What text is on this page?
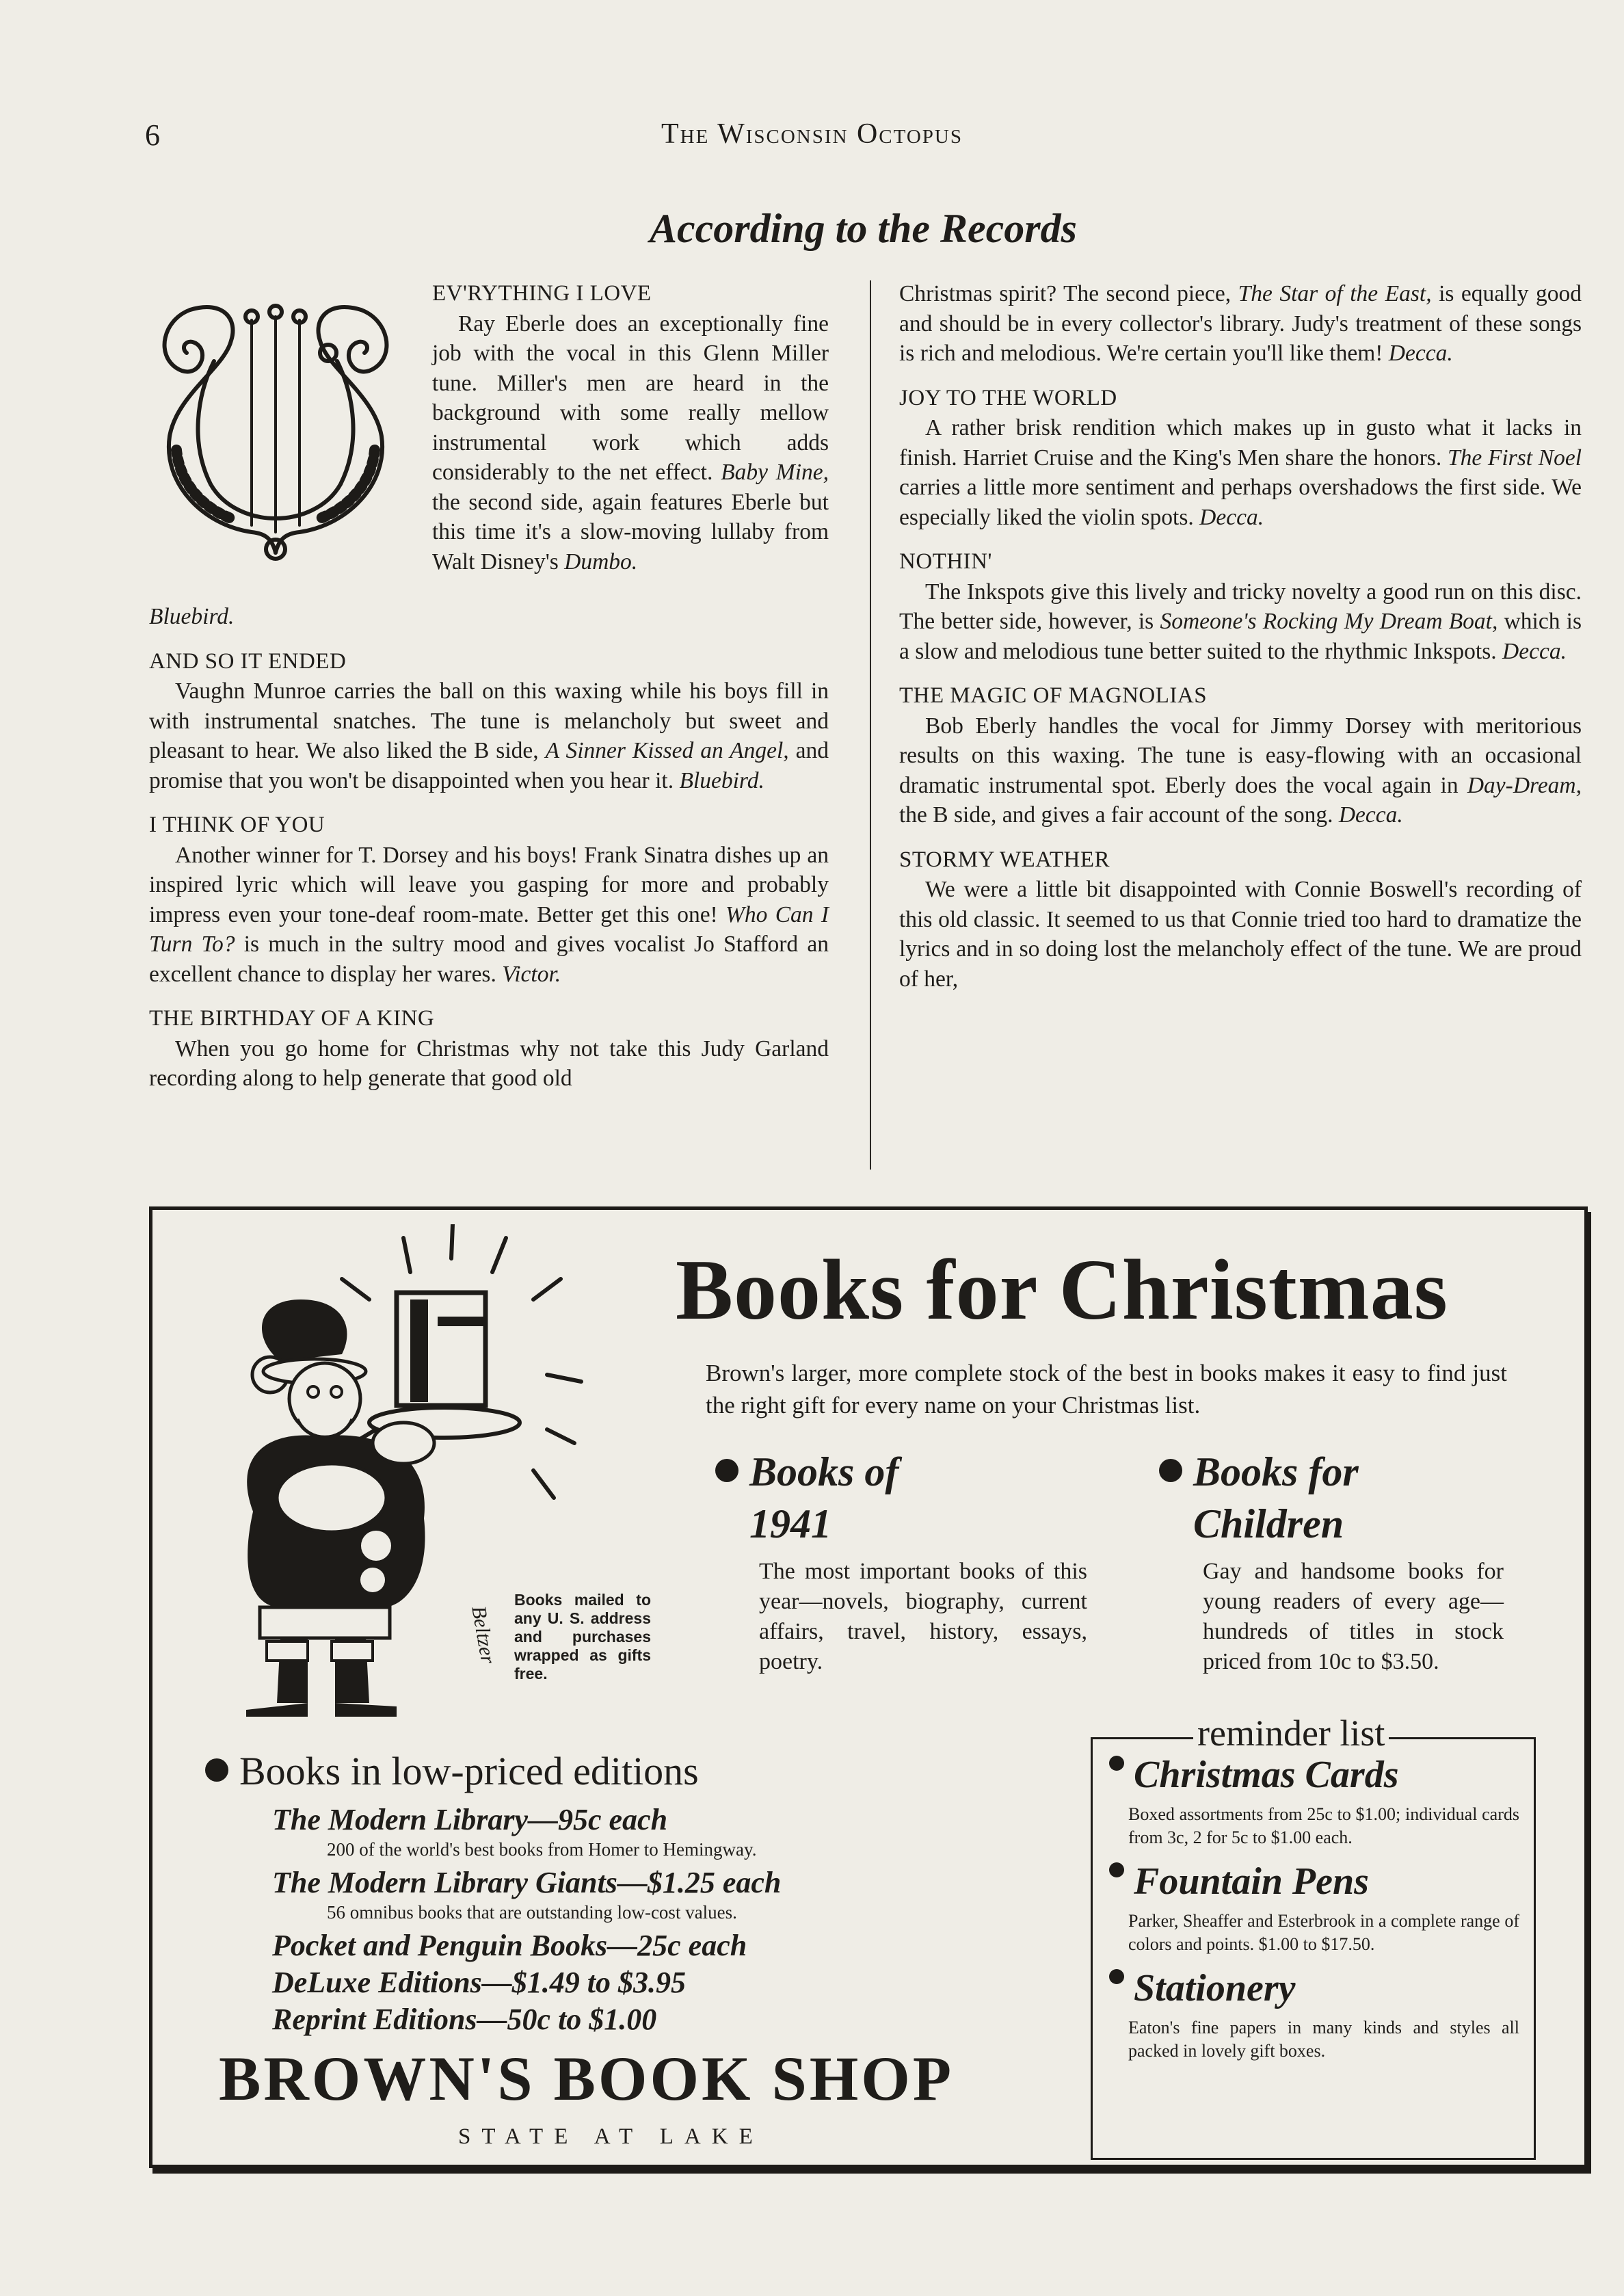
6	The Wisconsin Octopus
According to the Records
EV'RYTHING I LOVE

Ray Eberle does an exceptionally fine job with the vocal in this Glenn Miller tune. Miller's men are heard in the background with some really mellow instrumental work which adds considerably to the net effect. Baby Mine, the second side, again features Eberle but this time it's a slow-moving lullaby from Walt Disney's Dumbo.

Bluebird.

AND SO IT ENDED

Vaughn Munroe carries the ball on this waxing while his boys fill in with instrumental snatches. The tune is melancholy but sweet and pleasant to hear. We also liked the B side, A Sinner Kissed an Angel, and promise that you won't be disappointed when you hear it. Bluebird.

I THINK OF YOU

Another winner for T. Dorsey and his boys! Frank Sinatra dishes up an inspired lyric which will leave you gasping for more and probably impress even your tone-deaf room-mate. Better get this one! Who Can I Turn To? is much in the sultry mood and gives vocalist Jo Stafford an excellent chance to display her wares. Victor.

THE BIRTHDAY OF A KING

When you go home for Christmas why not take this Judy Garland recording along to help generate that good old

Christmas spirit? The second piece, The Star of the East, is equally good and should be in every collector's library. Judy's treatment of these songs is rich and melodious. We're certain you'll like them! Decca.

JOY TO THE WORLD

A rather brisk rendition which makes up in gusto what it lacks in finish. Harriet Cruise and the King's Men share the honors. The First Noel carries a little more sentiment and perhaps overshadows the first side. We especially liked the violin spots. Decca.

NOTHIN'

The Inkspots give this lively and tricky novelty a good run on this disc. The better side, however, is Someone's Rocking My Dream Boat, which is a slow and melodious tune better suited to the rhythmic Inkspots. Decca.

THE MAGIC OF MAGNOLIAS

Bob Eberly handles the vocal for Jimmy Dorsey with meritorious results on this waxing. The tune is easy-flowing with an occasional dramatic instrumental spot. Eberly does the vocal again in Day-Dream, the B side, and gives a fair account of the song. Decca.

STORMY WEATHER

We were a little bit disappointed with Connie Boswell's recording of this old classic. It seemed to us that Connie tried too hard to dramatize the lyrics and in so doing lost the melancholy effect of the tune. We are proud of her,

Beltzer
Books mailed to any U. S. address and purchases wrapped as gifts free.
Books for Christmas
Brown's larger, more complete stock of the best in books makes it easy to find just the right gift for every name on your Christmas list.
Books of 1941
The most important books of this year—novels, biography, current affairs, travel, history, essays, poetry.
Books for Children
Gay and handsome books for young readers of every age—hundreds of titles in stock priced from 10c to $3.50.
Books in low-priced editions
The Modern Library—95c each
200 of the world's best books from Homer to Hemingway.
The Modern Library Giants—$1.25 each
56 omnibus books that are outstanding low-cost values.
Pocket and Penguin Books—25c each
DeLuxe Editions—$1.49 to $3.95
Reprint Editions—50c to $1.00
BROWN'S BOOK SHOP
STATE AT LAKE
reminder list
Christmas Cards
Boxed assortments from 25c to $1.00; individual cards from 3c, 2 for 5c to $1.00 each.
Fountain Pens
Parker, Sheaffer and Esterbrook in a complete range of colors and points. $1.00 to $17.50.
Stationery
Eaton's fine papers in many kinds and styles all packed in lovely gift boxes.
